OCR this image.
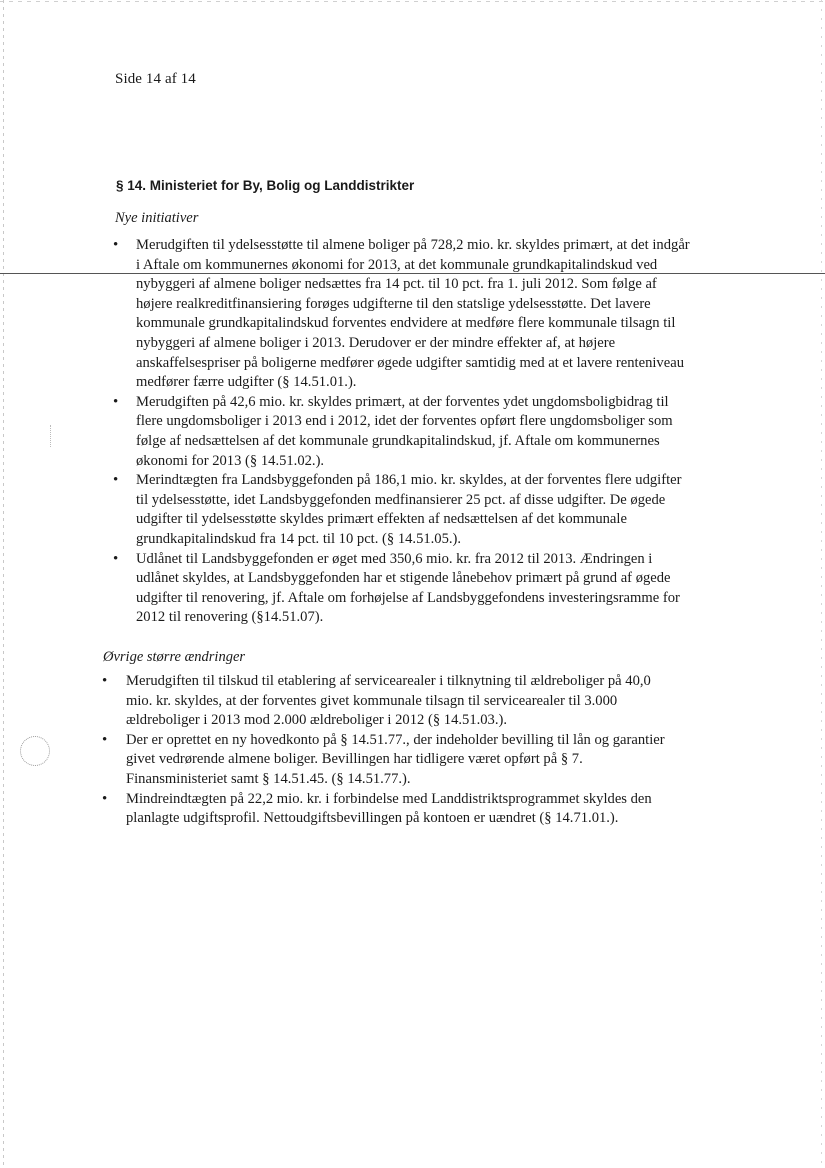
Side 14 af 14
§ 14. Ministeriet for By, Bolig og Landdistrikter
Nye initiativer
• Merudgiften til ydelsesstøtte til almene boliger på 728,2 mio. kr. skyldes primært, at det indgår i Aftale om kommunernes økonomi for 2013, at det kommunale grundkapitalindskud ved nybyggeri af almene boliger nedsættes fra 14 pct. til 10 pct. fra 1. juli 2012. Som følge af højere realkreditfinansiering forøges udgifterne til den statslige ydelsesstøtte. Det lavere kommunale grundkapitalindskud forventes endvidere at medføre flere kommunale tilsagn til nybyggeri af almene boliger i 2013. Derudover er der mindre effekter af, at højere anskaffelsespriser på boligerne medfører øgede udgifter samtidig med at et lavere renteniveau medfører færre udgifter (§ 14.51.01.).
• Merudgiften på 42,6 mio. kr. skyldes primært, at der forventes ydet ungdomsboligbidrag til flere ungdomsboliger i 2013 end i 2012, idet der forventes opført flere ungdomsboliger som følge af nedsættelsen af det kommunale grundkapitalindskud, jf. Aftale om kommunernes økonomi for 2013 (§ 14.51.02.).
• Merindtægten fra Landsbyggefonden på 186,1 mio. kr. skyldes, at der forventes flere udgifter til ydelsesstøtte, idet Landsbyggefonden medfinansierer 25 pct. af disse udgifter. De øgede udgifter til ydelsesstøtte skyldes primært effekten af nedsættelsen af det kommunale grundkapitalindskud fra 14 pct. til 10 pct. (§ 14.51.05.).
• Udlånet til Landsbyggefonden er øget med 350,6 mio. kr. fra 2012 til 2013. Ændringen i udlånet skyldes, at Landsbyggefonden har et stigende lånebehov primært på grund af øgede udgifter til renovering, jf. Aftale om forhøjelse af Landsbyggefondens investeringsramme for 2012 til renovering (§14.51.07).
Øvrige større ændringer
• Merudgiften til tilskud til etablering af servicearealer i tilknytning til ældreboliger på 40,0 mio. kr. skyldes, at der forventes givet kommunale tilsagn til servicearealer til 3.000 ældreboliger i 2013 mod 2.000 ældreboliger i 2012 (§ 14.51.03.).
• Der er oprettet en ny hovedkonto på § 14.51.77., der indeholder bevilling til lån og garantier givet vedrørende almene boliger. Bevillingen har tidligere været opført på § 7. Finansministeriet samt § 14.51.45. (§ 14.51.77.).
• Mindreindtægten på 22,2 mio. kr. i forbindelse med Landdistriktsprogrammet skyldes den planlagte udgiftsprofil. Nettoudgiftsbevillingen på kontoen er uændret (§ 14.71.01.).
